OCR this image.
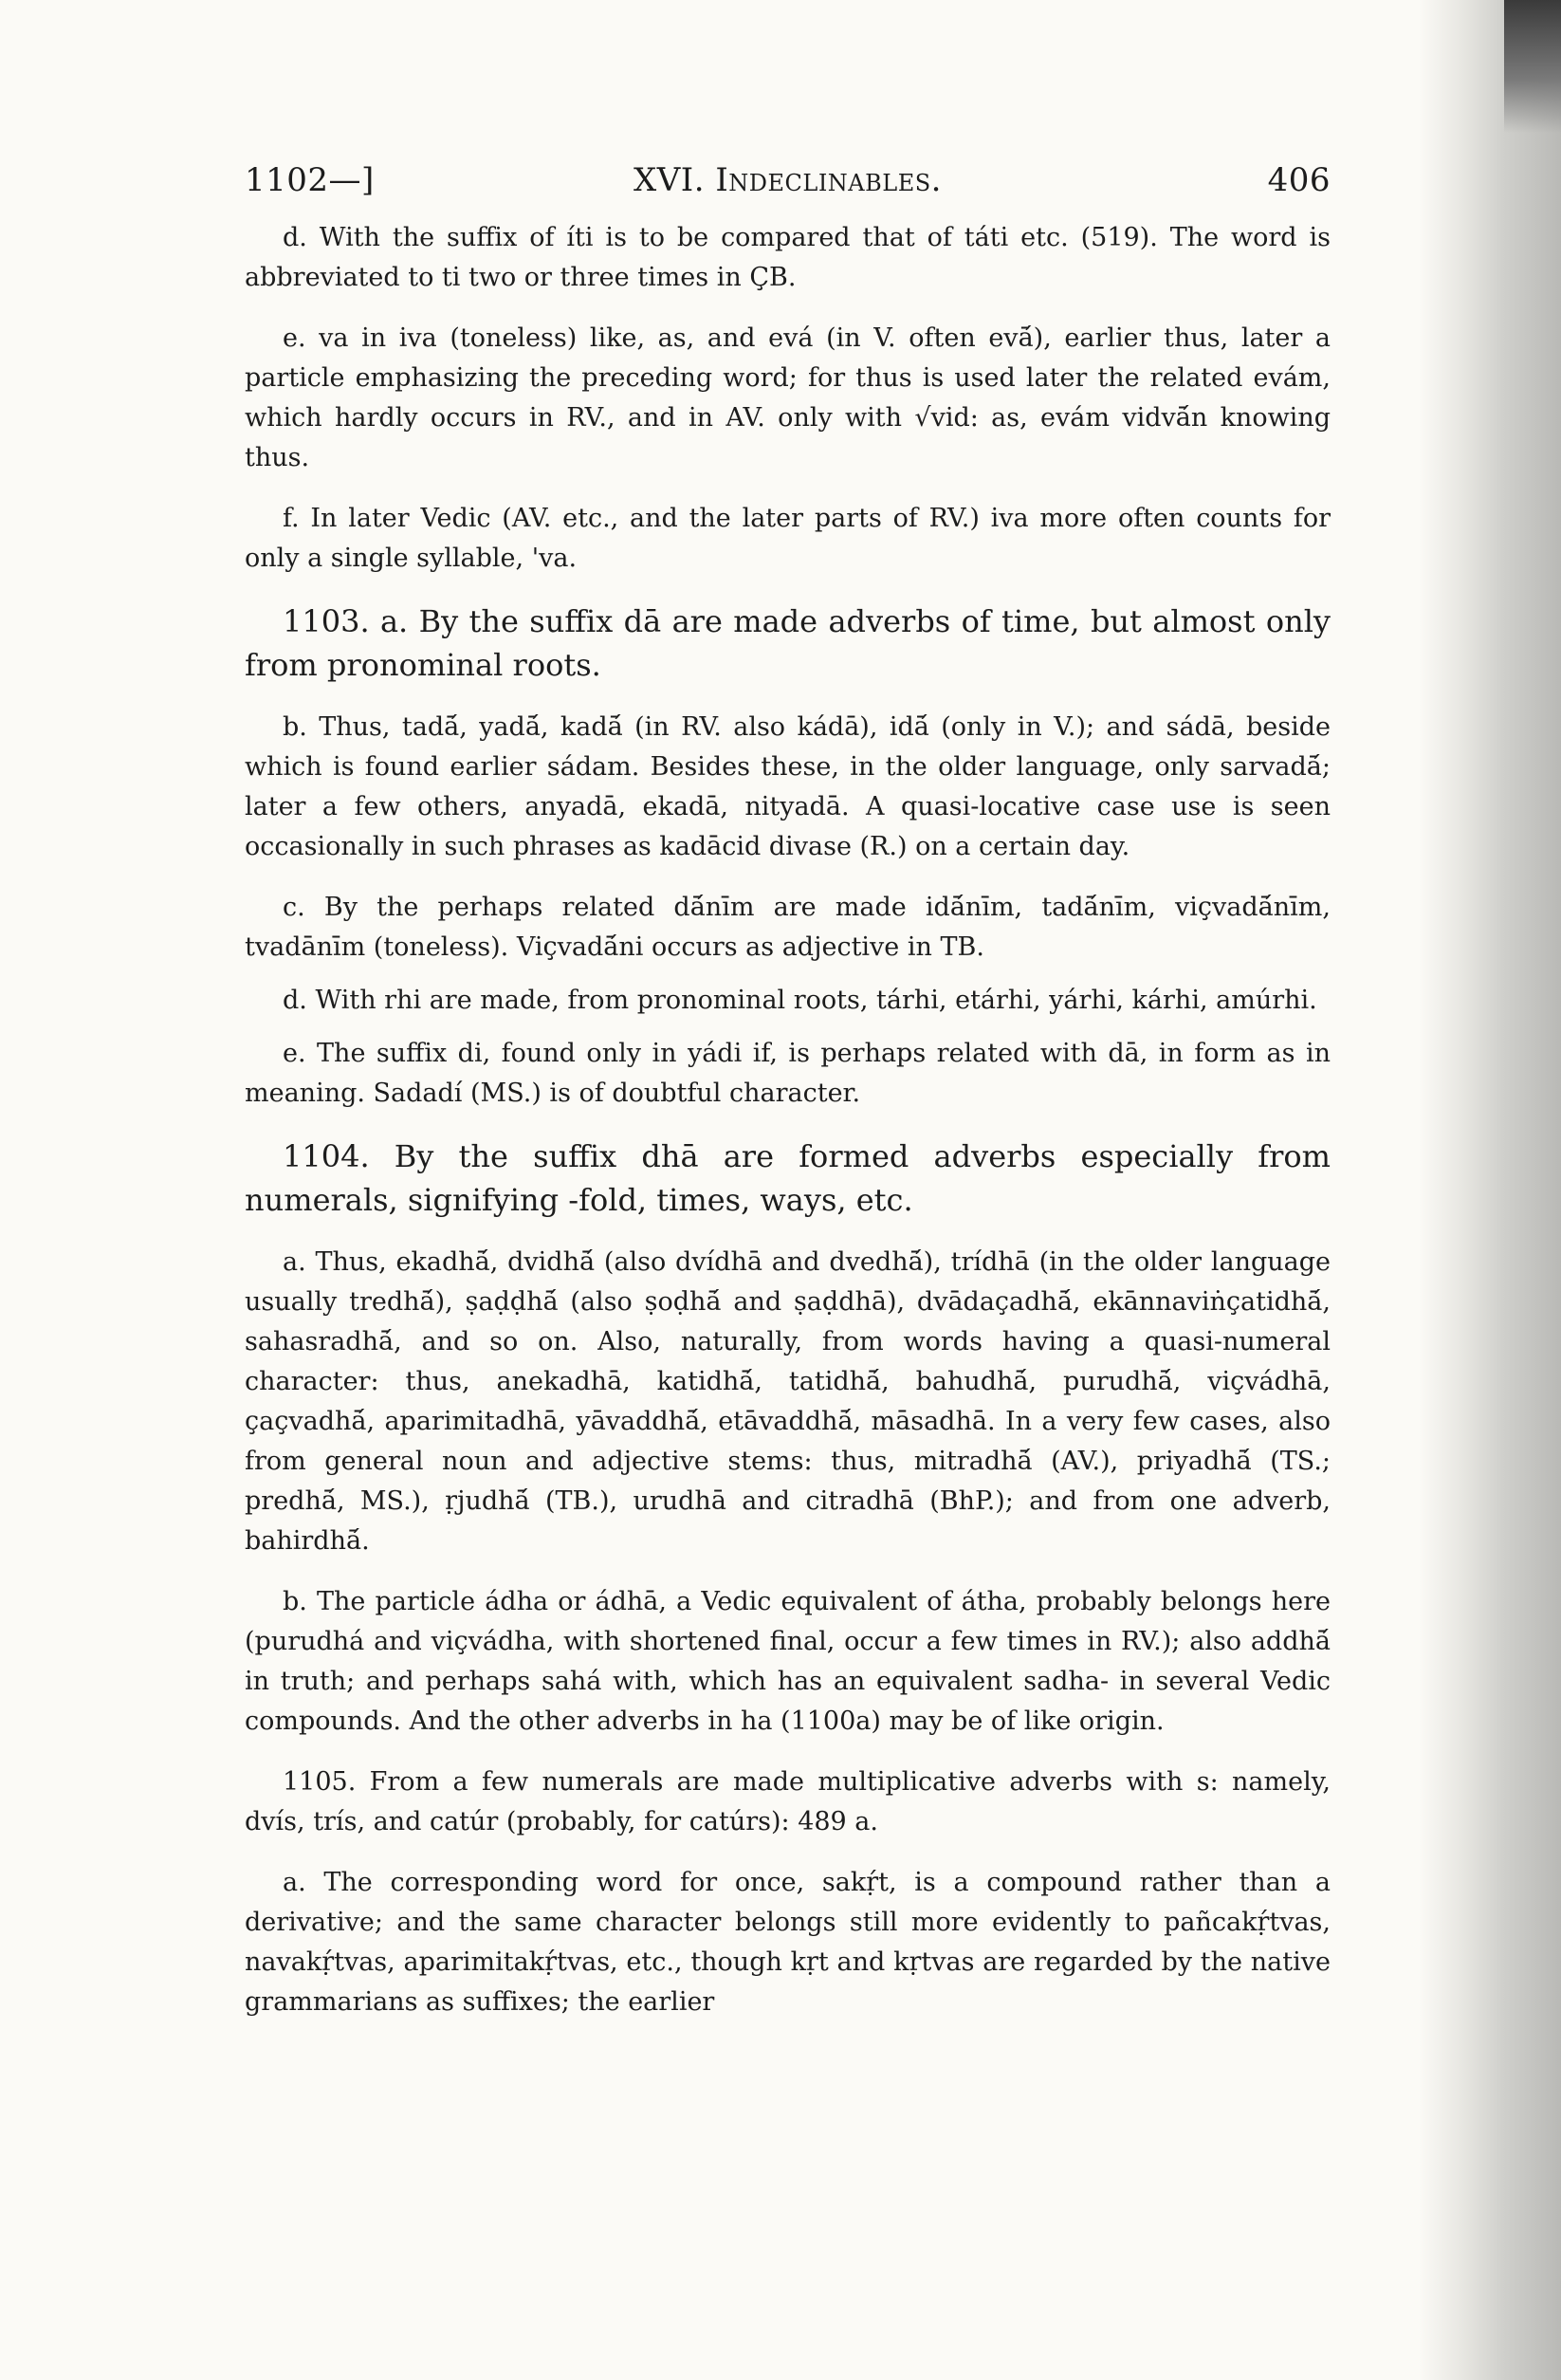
1102—]	XVI. Indeclinables.	406

d. With the suffix of íti is to be compared that of táti etc. (519). The word is abbreviated to ti two or three times in ÇB.

e. va in iva (toneless) like, as, and evá (in V. often evā́), earlier thus, later a particle emphasizing the preceding word; for thus is used later the related evám, which hardly occurs in RV., and in AV. only with √vid: as, evám vidvā́n knowing thus.

f. In later Vedic (AV. etc., and the later parts of RV.) iva more often counts for only a single syllable, 'va.

1103. a. By the suffix dā are made adverbs of time, but almost only from pronominal roots.

b. Thus, tadā́, yadā́, kadā́ (in RV. also kádā), idā́ (only in V.); and sádā, beside which is found earlier sádam. Besides these, in the older language, only sarvadā́; later a few others, anyadā, ekadā, nityadā. A quasi-locative case use is seen occasionally in such phrases as kadācid divase (R.) on a certain day.

c. By the perhaps related dā́nīm are made idā́nīm, tadā́nīm, viçvadā́nīm, tvadānīm (toneless). Viçvadā́ni occurs as adjective in TB.

d. With rhi are made, from pronominal roots, tárhi, etárhi, yárhi, kárhi, amúrhi.

e. The suffix di, found only in yádi if, is perhaps related with dā, in form as in meaning. Sadadí (MS.) is of doubtful character.

1104. By the suffix dhā are formed adverbs especially from numerals, signifying -fold, times, ways, etc.

a. Thus, ekadhā́, dvidhā́ (also dvídhā and dvedhā́), trídhā (in the older language usually tredhā́), ṣaḍḍhā́ (also ṣoḍhā́ and ṣaḍdhā), dvādaçadhā́, ekānnaviṅçatidhā́, sahasradhā́, and so on. Also, naturally, from words having a quasi-numeral character: thus, anekadhā, katidhā́, tatidhā́, bahudhā́, purudhā́, viçvádhā, çaçvadhā́, aparimitadhā, yāvaddhā́, etāvaddhā́, māsadhā. In a very few cases, also from general noun and adjective stems: thus, mitradhā́ (AV.), priyadhā́ (TS.; predhā́, MS.), ṛjudhā́ (TB.), urudhā and citradhā (BhP.); and from one adverb, bahirdhā́.

b. The particle ádha or ádhā, a Vedic equivalent of átha, probably belongs here (purudhá and viçvádha, with shortened final, occur a few times in RV.); also addhā́ in truth; and perhaps sahá with, which has an equivalent sadha- in several Vedic compounds. And the other adverbs in ha (1100a) may be of like origin.

1105. From a few numerals are made multiplicative adverbs with s: namely, dvís, trís, and catúr (probably, for catúrs): 489 a.

a. The corresponding word for once, sakṛ́t, is a compound rather than a derivative; and the same character belongs still more evidently to pañcakṛ́tvas, navakṛ́tvas, aparimitakṛ́tvas, etc., though kṛt and kṛtvas are regarded by the native grammarians as suffixes; the earlier
